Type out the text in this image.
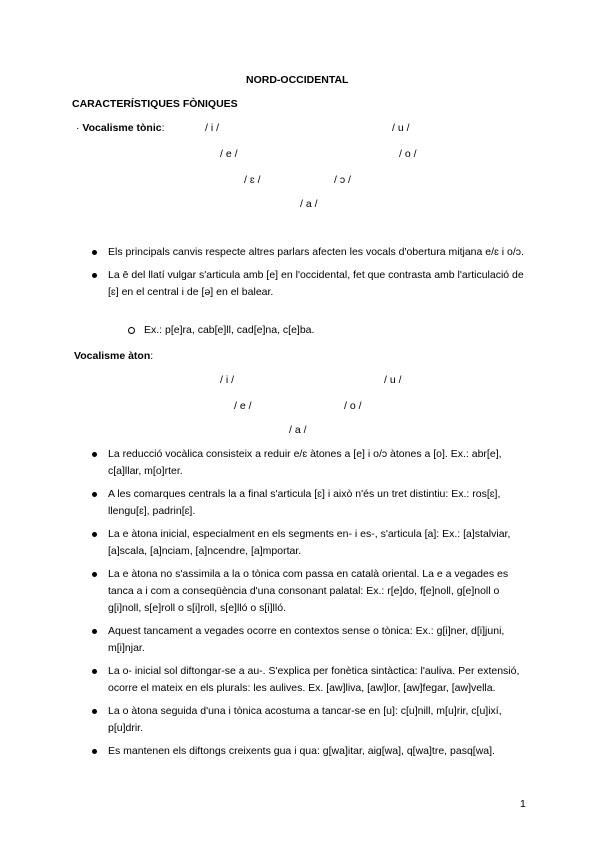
NORD-OCCIDENTAL
CARACTERÍSTIQUES FÒNIQUES
· Vocalisme tònic:	/ i /	/ u /
/ e /	/ o /
/ ɛ /	/ ɔ /
/ a /
Els principals canvis respecte altres parlars afecten les vocals d'obertura mitjana e/ɛ i o/ɔ.
La ē del llatí vulgar s'articula amb [e] en l'occidental, fet que contrasta amb l'articulació de [ɛ] en el central i de [ə] en el balear.
Ex.: p[e]ra, cab[e]ll, cad[e]na, c[e]ba.
Vocalisme àton:
/ i /	/ u /
/ e /	/ o /
/ a /
La reducció vocàlica consisteix a reduir e/ɛ àtones a [e] i o/ɔ àtones a [o]. Ex.: abr[e], c[a]llar, m[o]rter.
A les comarques centrals la a final s'articula [ɛ] i això n'és un tret distintiu: Ex.: ros[ɛ], llengu[ɛ], padrin[ɛ].
La e àtona inicial, especialment en els segments en- i es-, s'articula [a]: Ex.: [a]stalviar, [a]scala, [a]nciam, [a]ncendre, [a]mportar.
La e àtona no s'assimila a la o tònica com passa en català oriental. La e a vegades es tanca a i com a conseqüència d'una consonant palatal: Ex.: r[e]do, f[e]noll, g[e]noll o g[i]noll, s[e]roll o s[i]roll, s[e]lló o s[i]lló.
Aquest tancament a vegades ocorre en contextos sense o tònica: Ex.: g[i]ner, d[i]juni, m[i]njar.
La o- inicial sol diftongar-se a au-. S'explica per fonètica sintàctica: l'auliva. Per extensió, ocorre el mateix en els plurals: les aulives. Ex. [aw]liva, [aw]lor, [aw]fegar, [aw]vella.
La o àtona seguida d'una i tònica acostuma a tancar-se en [u]: c[u]nill, m[u]rir, c[u]ixí, p[u]drir.
Es mantenen els diftongs creixents gua i qua: g[wa]itar, aig[wa], q[wa]tre, pasq[wa].
1
